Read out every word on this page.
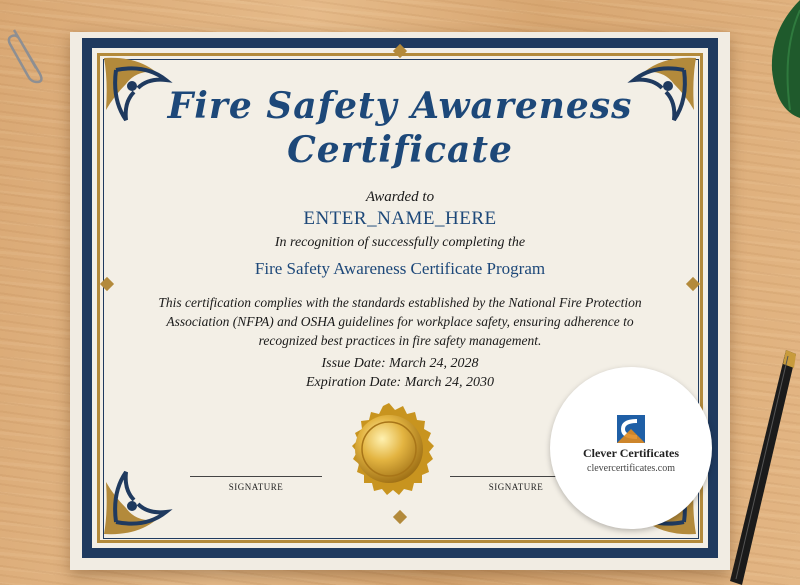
Fire Safety Awareness
Certificate
Awarded to
ENTER_NAME_HERE
In recognition of successfully completing the
Fire Safety Awareness Certificate Program
This certification complies with the standards established by the National Fire Protection Association (NFPA) and OSHA guidelines for workplace safety, ensuring adherence to recognized best practices in fire safety management.
Issue Date: March 24, 2028
Expiration Date: March 24, 2030
SIGNATURE	SIGNATURE
Clever Certificates
clevercertificates.com
